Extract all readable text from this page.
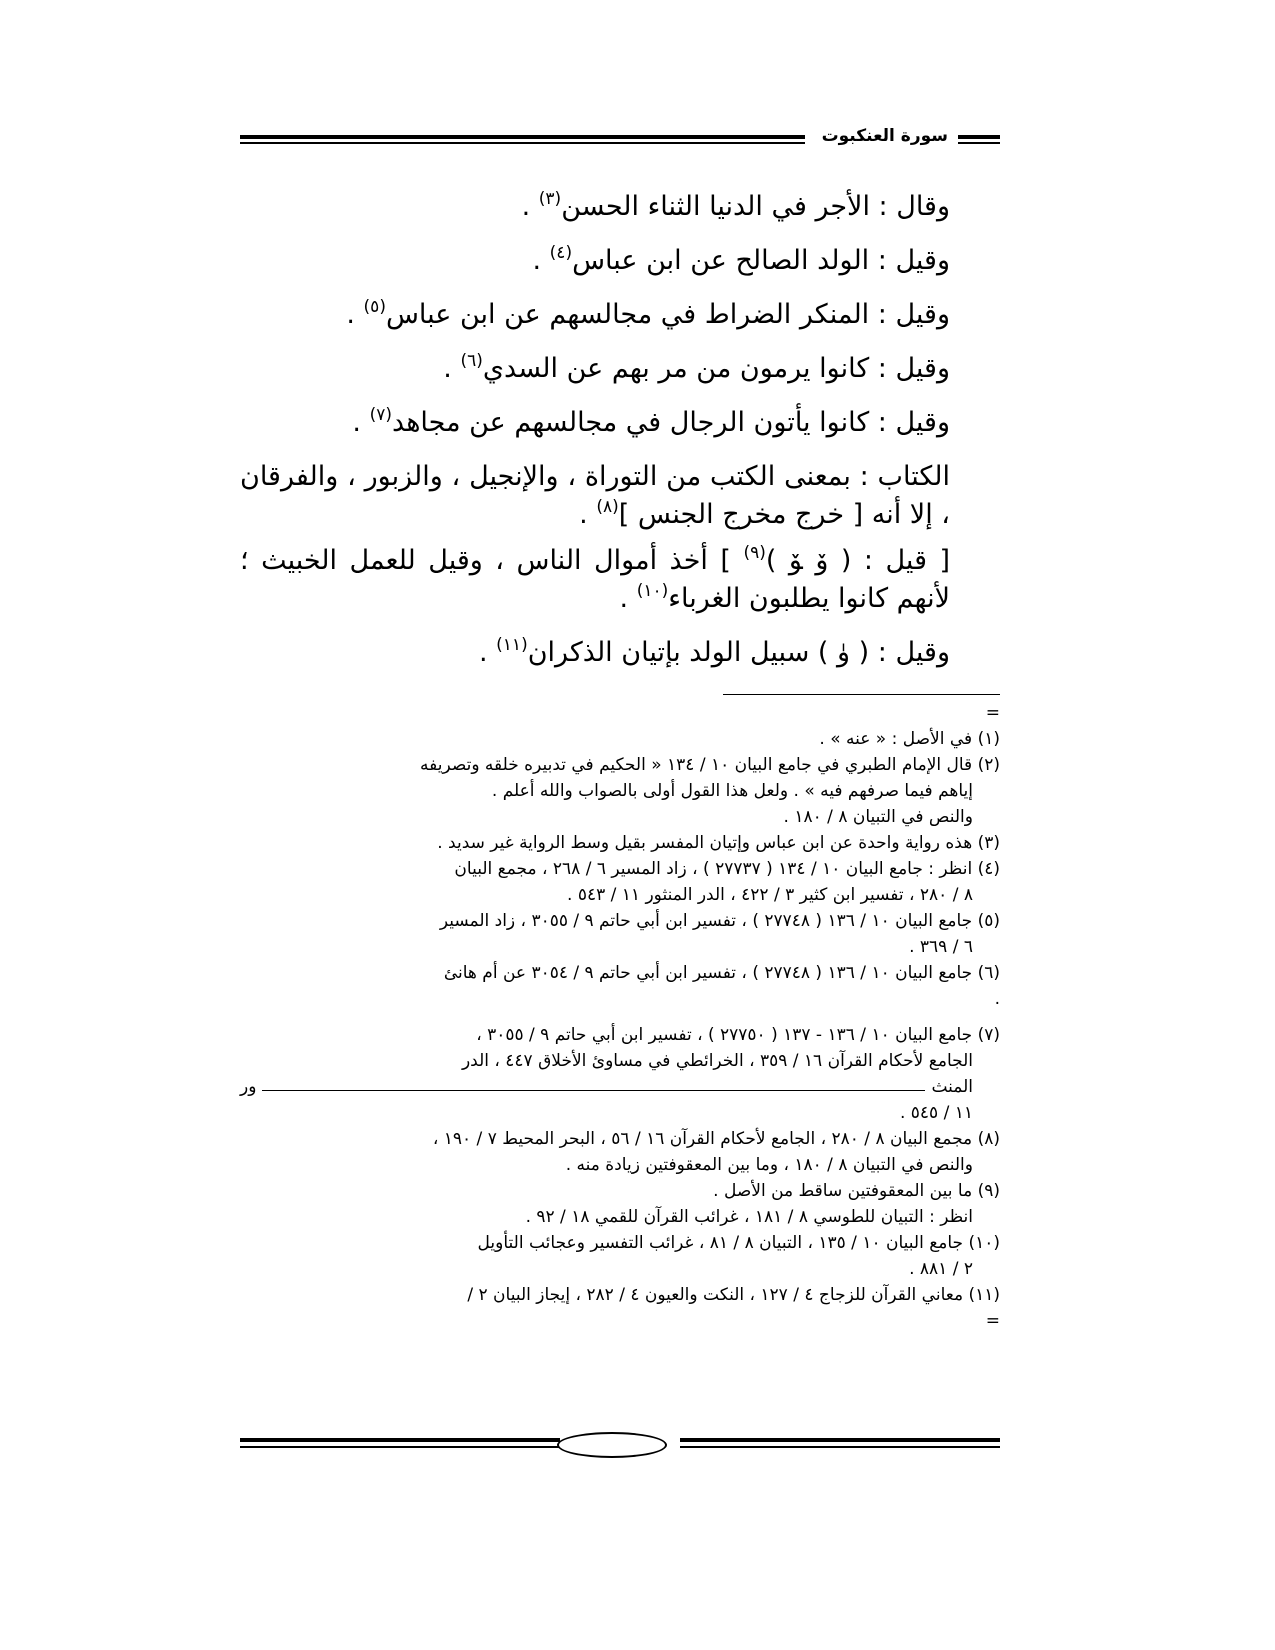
سورة العنكبوت

وقال : الأجر في الدنيا الثناء الحسن$^{(٣)}$ .

وقيل : الولد الصالح عن ابن عباس$^{(٤)}$ .

وقيل : المنكر الضراط في مجالسهم عن ابن عباس$^{(٥)}$ .

وقيل : كانوا يرمون من مر بهم عن السدي$^{(٦)}$ .

وقيل : كانوا يأتون الرجال في مجالسهم عن مجاهد$^{(٧)}$ .

الكتاب : بمعنى الكتب من التوراة ، والإنجيل ، والزبور ، والفرقان ، إلا أنه [ خرج مخرج الجنس ]$^{(٨)}$ .

[ قيل : ( ﯙ ﯚ )$^{(٩)}$ ] أخذ أموال الناس ، وقيل للعمل الخبيث ؛ لأنهم كانوا يطلبون الغرباء$^{(١٠)}$ .

وقيل : ( ﯛ ) سبيل الولد بإتيان الذكران$^{(١١)}$ .

=

(١) في الأصل : « عنه » .

(٢) قال الإمام الطبري في جامع البيان ١٠ / ١٣٤ « الحكيم في تدبيره خلقه وتصريفه

إياهم فيما صرفهم فيه » . ولعل هذا القول أولى بالصواب والله أعلم .

والنص في التبيان ٨ / ١٨٠ .

(٣) هذه رواية واحدة عن ابن عباس وإتيان المفسر بقيل وسط الرواية غير سديد .

(٤) انظر : جامع البيان ١٠ / ١٣٤ ( ٢٧٧٣٧ ) ، زاد المسير ٦ / ٢٦٨ ، مجمع البيان

٨ / ٢٨٠ ، تفسير ابن كثير ٣ / ٤٢٢ ، الدر المنثور ١١ / ٥٤٣ .

(٥) جامع البيان ١٠ / ١٣٦ ( ٢٧٧٤٨ ) ، تفسير ابن أبي حاتم ٩ / ٣٠٥٥ ، زاد المسير

٦ / ٣٦٩ .

(٦) جامع البيان ١٠ / ١٣٦ ( ٢٧٧٤٨ ) ، تفسير ابن أبي حاتم ٩ / ٣٠٥٤ عن أم هانئ

.

(٧) جامع البيان ١٠ / ١٣٦ - ١٣٧ ( ٢٧٧٥٠ ) ، تفسير ابن أبي حاتم ٩ / ٣٠٥٥ ،

الجامع لأحكام القرآن ١٦ / ٣٥٩ ، الخرائطي في مساوئ الأخلاق ٤٤٧ ، الدر

المنث
ور

١١ / ٥٤٥ .

(٨) مجمع البيان ٨ / ٢٨٠ ، الجامع لأحكام القرآن ١٦ / ٥٦ ، البحر المحيط ٧ / ١٩٠ ،

والنص في التبيان ٨ / ١٨٠ ، وما بين المعقوفتين زيادة منه .

(٩) ما بين المعقوفتين ساقط من الأصل .

انظر : التبيان للطوسي ٨ / ١٨١ ، غرائب القرآن للقمي ١٨ / ٩٢ .

(١٠) جامع البيان ١٠ / ١٣٥ ، التبيان ٨ / ٨١ ، غرائب التفسير وعجائب التأويل

٢ / ٨٨١ .

(١١) معاني القرآن للزجاج ٤ / ١٢٧ ، النكت والعيون ٤ / ٢٨٢ ، إيجاز البيان ٢ /

=
